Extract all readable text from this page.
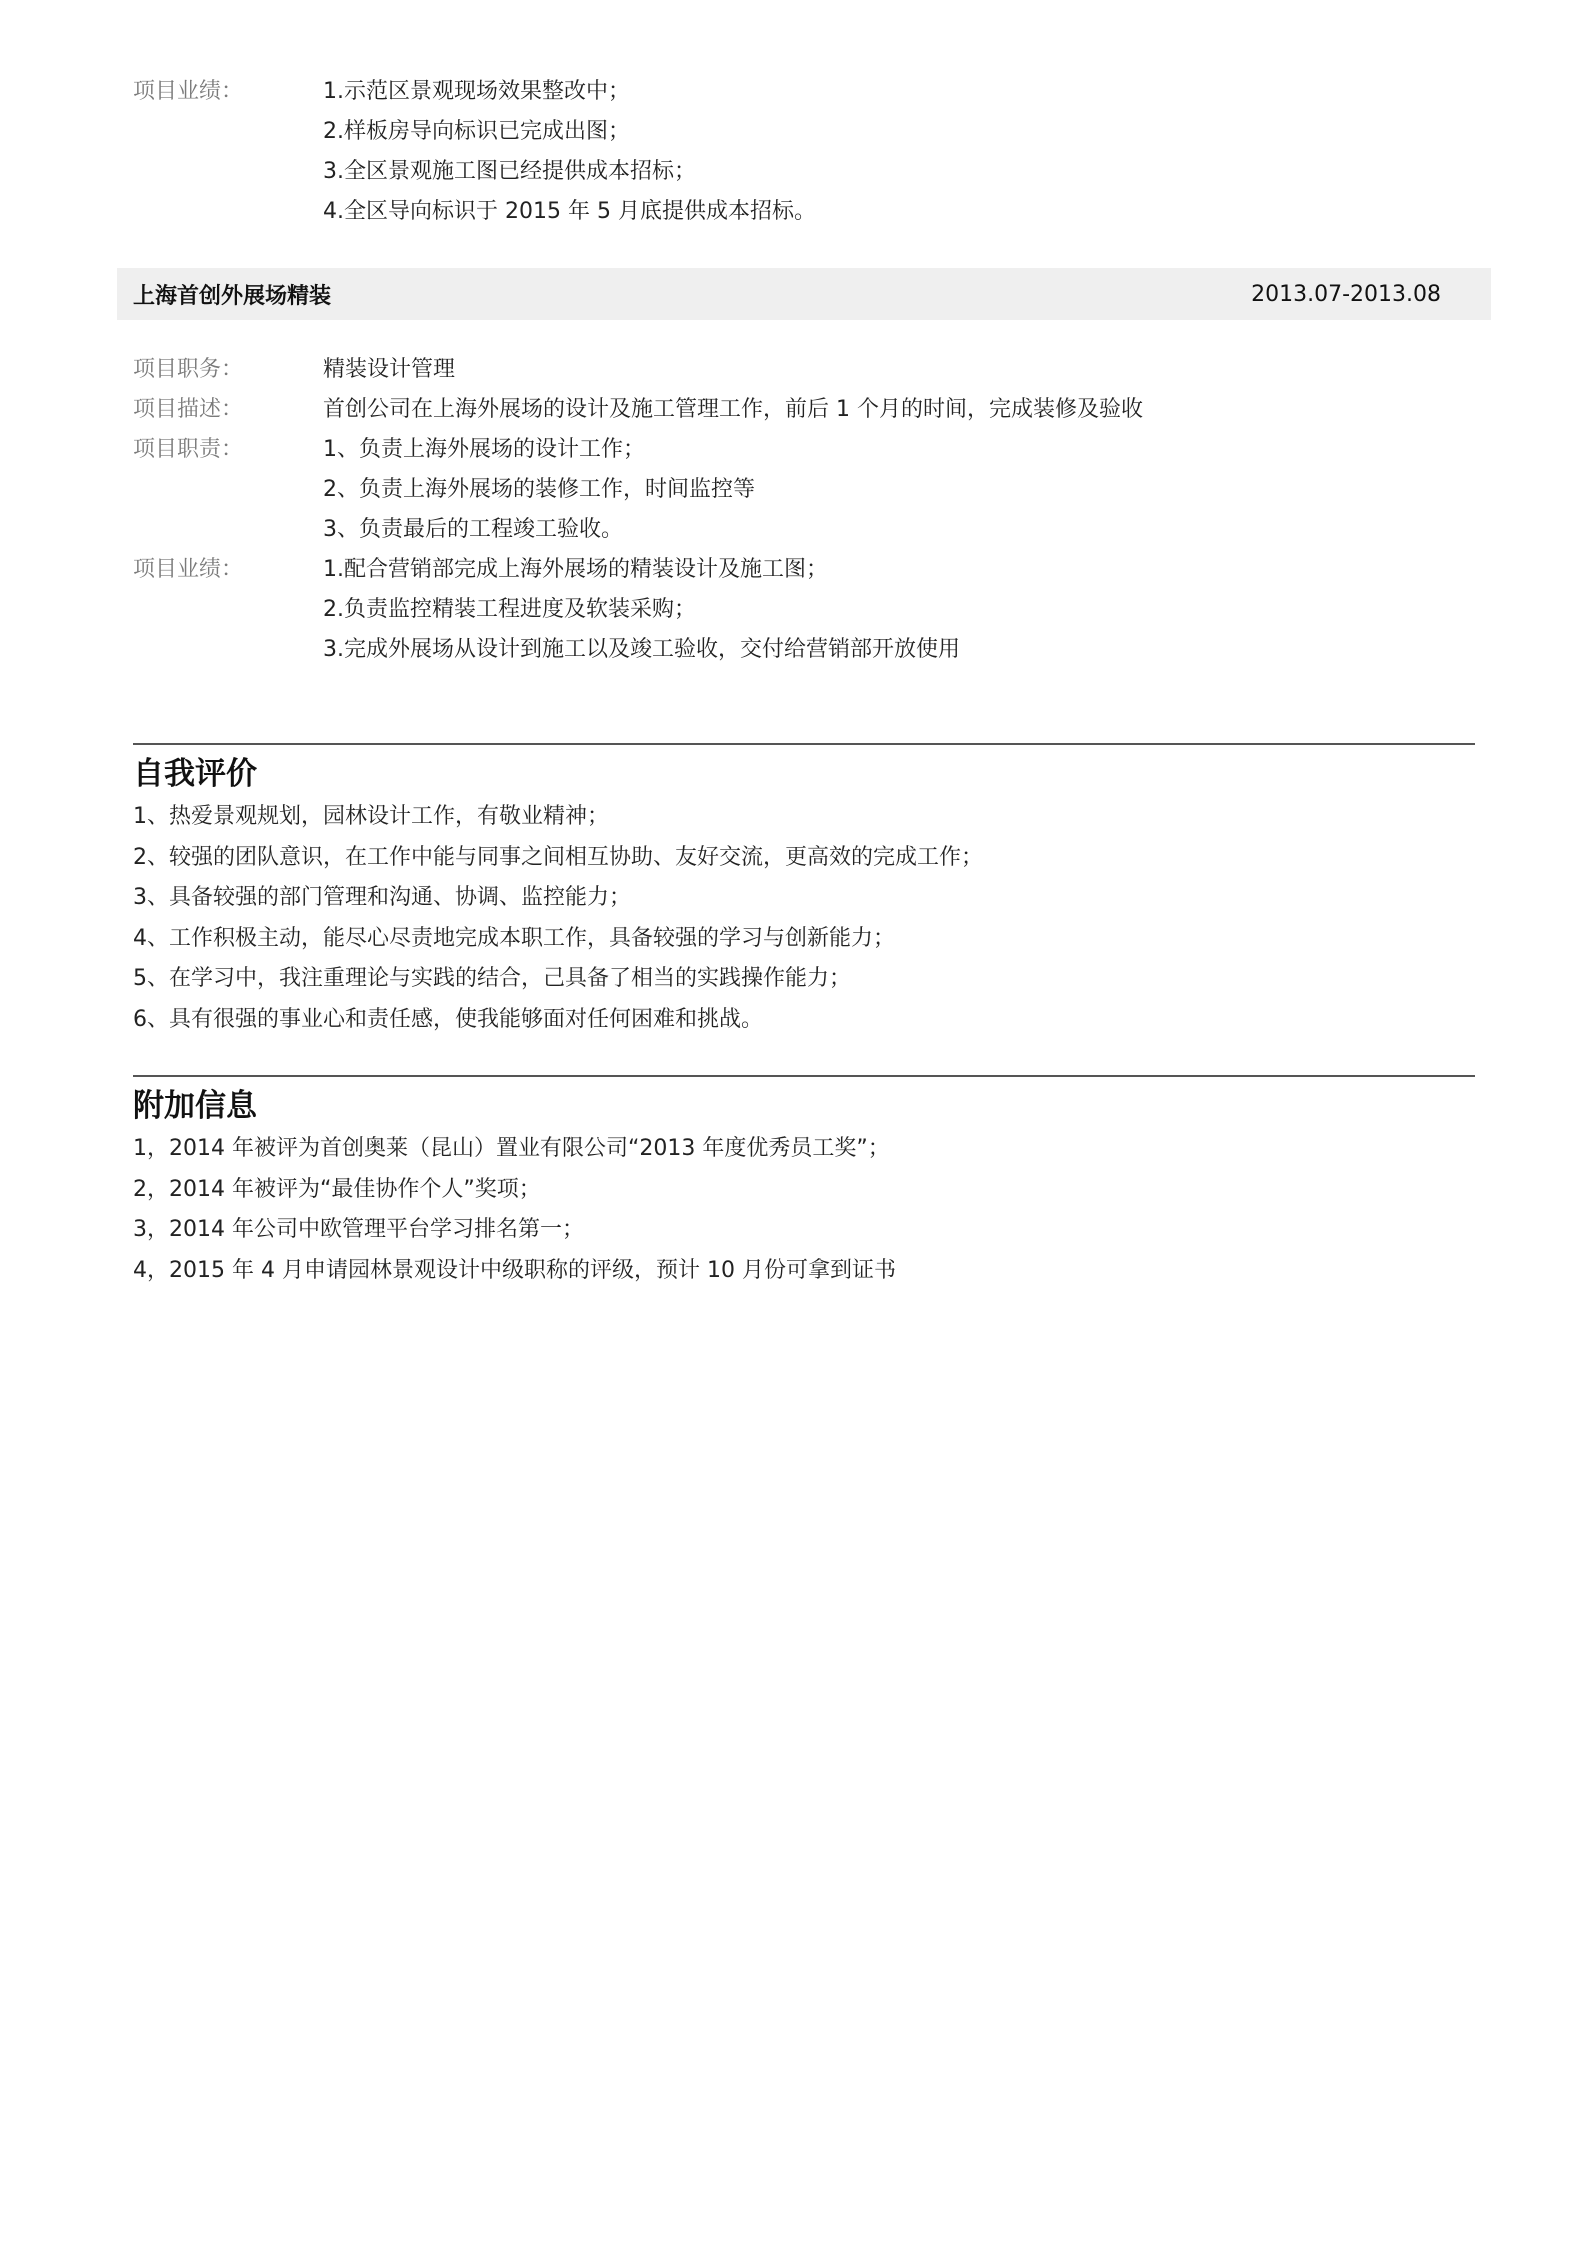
项目业绩：	1.示范区景观现场效果整改中；
2.样板房导向标识已完成出图；
3.全区景观施工图已经提供成本招标；
4.全区导向标识于 2015 年 5 月底提供成本招标。
上海首创外展场精装	2013.07-2013.08
项目职务：	精装设计管理
项目描述：	首创公司在上海外展场的设计及施工管理工作，前后 1 个月的时间，完成装修及验收
项目职责：	1、负责上海外展场的设计工作；
2、负责上海外展场的装修工作，时间监控等
3、负责最后的工程竣工验收。
项目业绩：	1.配合营销部完成上海外展场的精装设计及施工图；
2.负责监控精装工程进度及软装采购；
3.完成外展场从设计到施工以及竣工验收，交付给营销部开放使用
自我评价
1、热爱景观规划，园林设计工作，有敬业精神；
2、较强的团队意识，在工作中能与同事之间相互协助、友好交流，更高效的完成工作；
3、具备较强的部门管理和沟通、协调、监控能力；
4、工作积极主动，能尽心尽责地完成本职工作，具备较强的学习与创新能力；
5、在学习中，我注重理论与实践的结合，己具备了相当的实践操作能力；
6、具有很强的事业心和责任感，使我能够面对任何困难和挑战。
附加信息
1，2014 年被评为首创奥莱（昆山）置业有限公司“2013 年度优秀员工奖”；
2，2014 年被评为“最佳协作个人”奖项；
3，2014 年公司中欧管理平台学习排名第一；
4，2015 年 4 月申请园林景观设计中级职称的评级，预计 10 月份可拿到证书
